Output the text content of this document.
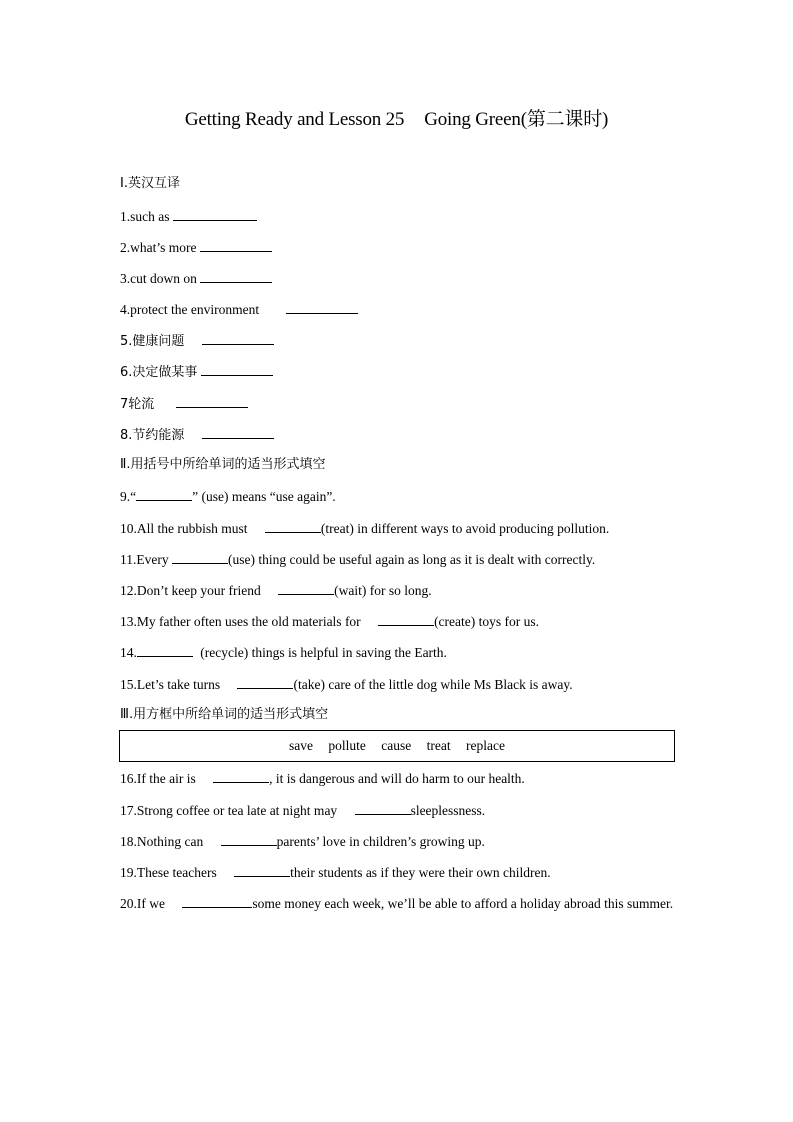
Getting Ready and Lesson 25 Going Green(第二课时)
Ⅰ.英汉互译
1.such as
2.what’s more
3.cut down on
4.protect the environment
5.健康问题
6.决定做某事
7轮流
8.节约能源
Ⅱ.用括号中所给单词的适当形式填空
9.“	” (use) means “use again”.
10.All the rubbish must	(treat) in different ways to avoid producing pollution.
11.Every	(use) thing could be useful again as long as it is dealt with correctly.
12.Don’t keep your friend	(wait) for so long.
13.My father often uses the old materials for	(create) toys for us.
14.	(recycle) things is helpful in saving the Earth.
15.Let’s take turns	(take) care of the little dog while Ms Black is away.
Ⅲ.用方框中所给单词的适当形式填空
save pollute cause treat replace
16.If the air is	, it is dangerous and will do harm to our health.
17.Strong coffee or tea late at night may	sleeplessness.
18.Nothing can	parents’ love in children’s growing up.
19.These teachers	their students as if they were their own children.
20.If we	some money each week, we’ll be able to afford a holiday abroad this summer.
